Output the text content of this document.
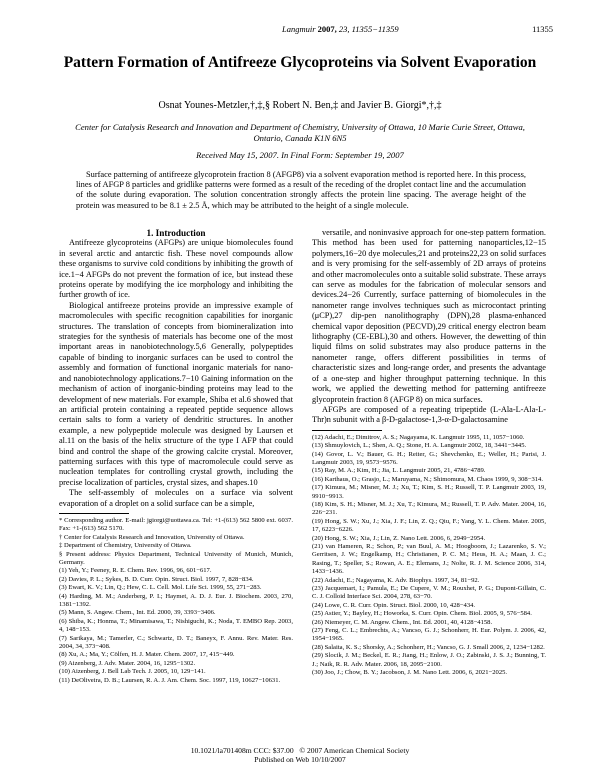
Langmuir 2007, 23, 11355−11359	11355
Pattern Formation of Antifreeze Glycoproteins via Solvent Evaporation
Osnat Younes-Metzler,†,‡,§ Robert N. Ben,‡ and Javier B. Giorgi*,†,‡
Center for Catalysis Research and Innovation and Department of Chemistry, University of Ottawa, 10 Marie Curie Street, Ottawa, Ontario, Canada K1N 6N5
Received May 15, 2007. In Final Form: September 19, 2007

Surface patterning of antifreeze glycoprotein fraction 8 (AFGP8) via a solvent evaporation method is reported here. In this process, lines of AFGP 8 particles and gridlike patterns were formed as a result of the receding of the droplet contact line and the accumulation of the solute during evaporation. The solution concentration strongly affects the protein line spacing. The average height of the protein was measured to be 8.1 ± 2.5 Å, which may be attributed to the height of a single molecule.

1. Introduction

Antifreeze glycoproteins (AFGPs) are unique biomolecules found in several arctic and antarctic fish. These novel compounds allow these organisms to survive cold conditions by inhibiting the growth of ice.1−4 AFGPs do not prevent the formation of ice, but instead these proteins operate by modifying the ice morphology and inhibiting the further growth of ice.

Biological antifreeze proteins provide an impressive example of macromolecules with specific recognition capabilities for inorganic structures. The translation of concepts from biomineralization into strategies for the synthesis of materials has become one of the most important areas in nanobiotechnology.5,6 Generally, polypeptides capable of binding to inorganic surfaces can be used to control the assembly and formation of functional inorganic materials for nano- and nanobiotechnology applications.7−10 Gaining information on the mechanism of action of inorganic-binding proteins may lead to the development of new materials. For example, Shiba et al.6 showed that an artificial protein containing a repeated peptide sequence allows certain salts to form a variety of dendritic structures. In another example, a new polypeptide molecule was designed by Laursen et al.11 on the basis of the helix structure of the type I AFP that could bind and control the shape of the growing calcite crystal. Moreover, patterning surfaces with this type of macromolecule could serve as nucleation templates for controlling crystal growth, including the precise localization of particles, crystal sizes, and shapes.10

The self-assembly of molecules on a surface via solvent evaporation of a droplet on a solid surface can be a simple,

* Corresponding author. E-mail: jgiorgi@uottawa.ca. Tel: +1-(613) 562 5800 ext. 6037. Fax: +1-(613) 562 5170.
† Center for Catalysis Research and Innovation, University of Ottawa.
‡ Department of Chemistry, University of Ottawa.
§ Present address: Physics Department, Technical University of Munich, Munich, Germany.
(1) Yeh, Y.; Feeney, R. E. Chem. Rev. 1996, 96, 601−617.
(2) Davies, P. L.; Sykes, B. D. Curr. Opin. Struct. Biol. 1997, 7, 828−834.
(3) Ewart, K. V.; Lin, Q.; Hew, C. L. Cell. Mol. Life Sci. 1999, 55, 271−283.
(4) Harding, M. M.; Anderberg, P. I.; Haymet, A. D. J. Eur. J. Biochem. 2003, 270, 1381−1392.
(5) Mann, S. Angew. Chem., Int. Ed. 2000, 39, 3393−3406.
(6) Shiba, K.; Honma, T.; Minamisawa, T.; Nishiguchi, K.; Noda, T. EMBO Rep. 2003, 4, 148−153.
(7) Sarikaya, M.; Tamerler, C.; Schwartz, D. T.; Baneyx, F. Annu. Rev. Mater. Res. 2004, 34, 373−408.
(8) Xu, A.; Ma, Y.; Cölfen, H. J. Mater. Chem. 2007, 17, 415−449.
(9) Aizenberg, J. Adv. Mater. 2004, 16, 1295−1302.
(10) Aizenberg, J. Bell Lab Tech. J. 2005, 10, 129−141.
(11) DeOliveira, D. B.; Laursen, R. A. J. Am. Chem. Soc. 1997, 119, 10627−10631.

versatile, and noninvasive approach for one-step pattern formation. This method has been used for patterning nanoparticles,12−15 polymers,16−20 dye molecules,21 and proteins22,23 on solid surfaces and is very promising for the self-assembly of 2D arrays of proteins and other macromolecules onto a suitable solid substrate. These arrays can serve as modules for the fabrication of molecular sensors and devices.24−26 Currently, surface patterning of biomolecules in the nanometer range involves techniques such as microcontact printing (μCP),27 dip-pen nanolithography (DPN),28 plasma-enhanced chemical vapor deposition (PECVD),29 critical energy electron beam lithography (CE-EBL),30 and others. However, the dewetting of thin liquid films on solid substrates may also produce patterns in the nanometer range, offers different possibilities in terms of characteristic sizes and long-range order, and presents the advantage of a one-step and higher throughput patterning technique. In this work, we applied the dewetting method for patterning antifreeze glycoprotein fraction 8 (AFGP 8) on mica surfaces.

AFGPs are composed of a repeating tripeptide (L-Ala-L-Ala-L-Thr)n subunit with a β-D-galactose-1,3-α-D-galactosamine

(12) Adachi, E.; Dimitrov, A. S.; Nagayama, K. Langmuir 1995, 11, 1057−1060.
(13) Shmuylovich, L.; Shen, A. Q.; Stone, H. A. Langmuir 2002, 18, 3441−3445.
(14) Govor, L. V.; Bauer, G. H.; Reiter, G.; Shevchenko, E.; Weller, H.; Parisi, J. Langmuir 2003, 19, 9573−9576.
(15) Ray, M. A.; Kim, H.; Jia, L. Langmuir 2005, 21, 4786−4789.
(16) Karthaus, O.; Grasjo, L.; Maruyama, N.; Shimomura, M. Chaos 1999, 9, 308−314.
(17) Kimura, M.; Misner, M. J.; Xu, T.; Kim, S. H.; Russell, T. P. Langmuir 2003, 19, 9910−9913.
(18) Kim, S. H.; Misner, M. J.; Xu, T.; Kimura, M.; Russell, T. P. Adv. Mater. 2004, 16, 226−231.
(19) Hong, S. W.; Xu, J.; Xia, J. F.; Lin, Z. Q.; Qiu, F.; Yang, Y. L. Chem. Mater. 2005, 17, 6223−6226.
(20) Hong, S. W.; Xia, J.; Lin, Z. Nano Lett. 2006, 6, 2949−2954.
(21) van Hameren, R.; Schon, P.; van Buul, A. M.; Hoogboom, J.; Lazarenko, S. V.; Gerritsen, J. W.; Engelkamp, H.; Christianen, P. C. M.; Heus, H. A.; Maan, J. C.; Rasing, T.; Speller, S.; Rowan, A. E.; Elemans, J.; Nolte, R. J. M. Science 2006, 314, 1433−1436.
(22) Adachi, E.; Nagayama, K. Adv. Biophys. 1997, 34, 81−92.
(23) Jacquemart, I.; Pamula, E.; De Cupere, V. M.; Rouxhet, P. G.; Dupont-Gillain, C. C. J. Colloid Interface Sci. 2004, 278, 63−70.
(24) Lowe, C. R. Curr. Opin. Struct. Biol. 2000, 10, 428−434.
(25) Astier, Y.; Bayley, H.; Howorka, S. Curr. Opin. Chem. Biol. 2005, 9, 576−584.
(26) Niemeyer, C. M. Angew. Chem., Int. Ed. 2001, 40, 4128−4158.
(27) Feng, C. L.; Embrechts, A.; Vancso, G. J.; Schonherr, H. Eur. Polym. J. 2006, 42, 1954−1965.
(28) Salaita, K. S.; Shorsky, A.; Schonherr, H.; Vancso, G. J. Small 2006, 2, 1234−1282.
(29) Slocik, J. M.; Beckel, E. R.; Jiang, H.; Enlow, J. O.; Zabinski, J. S. J.; Bunning, T. J.; Naik, R. R. Adv. Mater. 2006, 18, 2095−2100.
(30) Joo, J.; Chow, B. Y.; Jacobson, J. M. Nano Lett. 2006, 6, 2021−2025.
10.1021/la701408m CCC: $37.00 © 2007 American Chemical Society
Published on Web 10/10/2007
